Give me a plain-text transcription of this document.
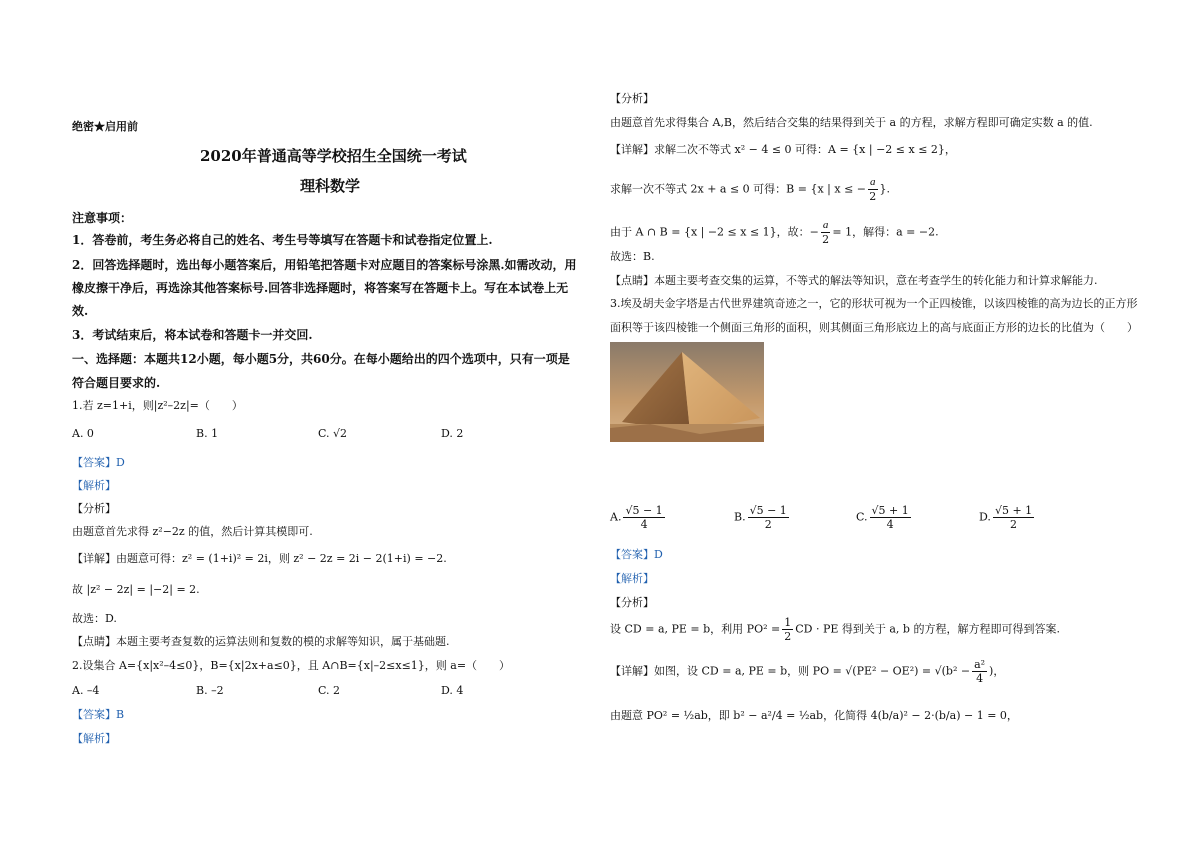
绝密★启用前
2020年普通高等学校招生全国统一考试
理科数学
注意事项：
1．答卷前，考生务必将自己的姓名、考生号等填写在答题卡和试卷指定位置上.
2．回答选择题时，选出每小题答案后，用铅笔把答题卡对应题目的答案标号涂黑.如需改动，用
橡皮擦干净后，再选涂其他答案标号.回答非选择题时，将答案写在答题卡上。写在本试卷上无
效.
3．考试结束后，将本试卷和答题卡一并交回.
一、选择题：本题共12小题，每小题5分，共60分。在每小题给出的四个选项中，只有一项是
符合题目要求的.
1.若 z=1+i，则|z²–2z|=（　　）
A. 0	B. 1	C. √2	D. 2
【答案】D
【解析】
【分析】
由题意首先求得 z²−2z 的值，然后计算其模即可.
【详解】由题意可得：z² = (1+i)² = 2i，则 z² − 2z = 2i − 2(1+i) = −2.
故 |z² − 2z| = |−2| = 2.
故选：D.
【点睛】本题主要考查复数的运算法则和复数的模的求解等知识，属于基础题.
2.设集合 A={x|x²–4≤0}，B={x|2x+a≤0}，且 A∩B={x|–2≤x≤1}，则 a=（　　）
A. –4	B. –2	C. 2	D. 4
【答案】B
【解析】
【分析】
由题意首先求得集合 A,B，然后结合交集的结果得到关于 a 的方程，求解方程即可确定实数 a 的值.
【详解】求解二次不等式 x² − 4 ≤ 0 可得：A = {x | −2 ≤ x ≤ 2}，
求解一次不等式 2x + a ≤ 0 可得：B = {x | x ≤ − $\frac{a}{2}$ }.
由于 A ∩ B = {x | −2 ≤ x ≤ 1}，故：− $\frac{a}{2} = 1$，解得：a = −2.
故选：B.
【点睛】本题主要考查交集的运算，不等式的解法等知识，意在考查学生的转化能力和计算求解能力.
3.埃及胡夫金字塔是古代世界建筑奇迹之一，它的形状可视为一个正四棱锥，以该四棱锥的高为边长的正方形
面积等于该四棱锥一个侧面三角形的面积，则其侧面三角形底边上的高与底面正方形的边长的比值为（　　）
A. $\frac{√5 - 1}{4}$	B. $\frac{√5 - 1}{2}$	C. $\frac{√5 + 1}{4}$	D. $\frac{√5 + 1}{2}$
【答案】D
【解析】
【分析】
设 CD = a, PE = b，利用 $PO^2 = \frac{1}{2}$ CD · PE 得到关于 a, b 的方程，解方程即可得到答案.
【详解】如图，设 CD = a, PE = b，则 PO = $√(PE^2 - OE^2) = √(b^2 - \frac{\text{a²}}{4}$ )，
由题意 PO² = ½ab，即 b² − a²/4 = ½ab，化简得 4(b/a)² − 2·(b/a) − 1 = 0，
